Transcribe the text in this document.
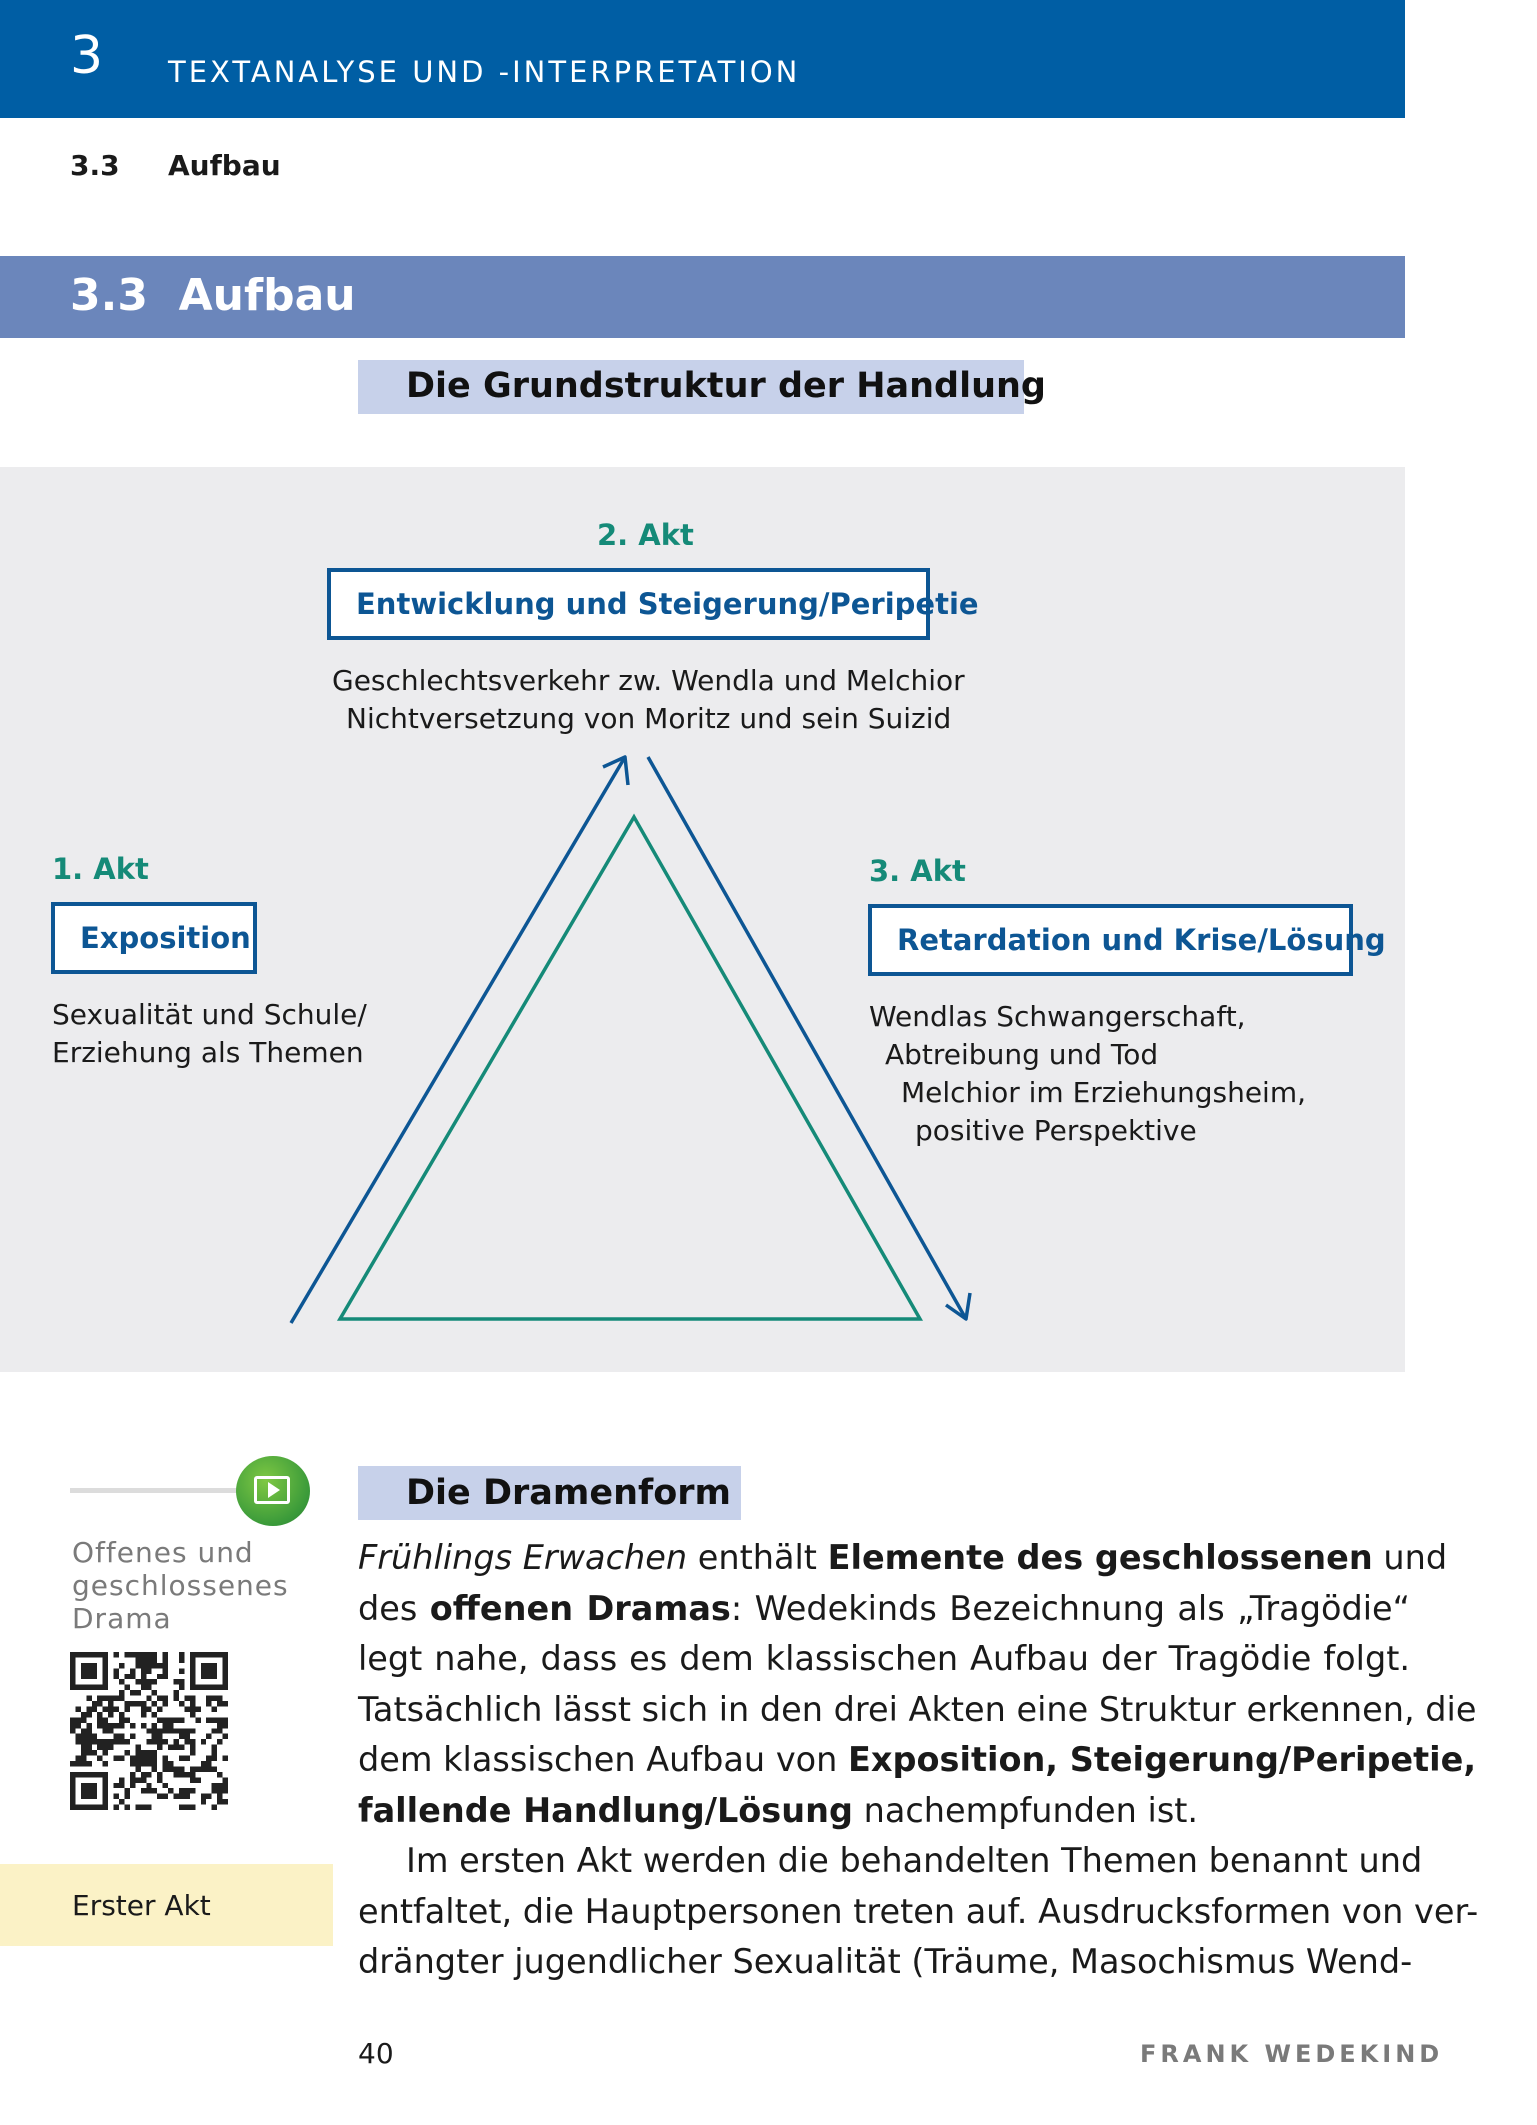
3 TEXTANALYSE UND -INTERPRETATION
3.3 Aufbau
3.3  Aufbau
Die Grundstruktur der Handlung
2. Akt
Entwicklung und Steigerung/Peripetie
Geschlechtsverkehr zw. Wendla und Melchior
Nichtversetzung von Moritz und sein Suizid
1. Akt
Exposition
Sexualität und Schule/
Erziehung als Themen
3. Akt
Retardation und Krise/Lösung
Wendlas Schwangerschaft,
Abtreibung und Tod
Melchior im Erziehungsheim,
positive Perspektive
Offenes und
geschlossenes
Drama
Erster Akt
Die Dramenform
Frühlings Erwachen enthält Elemente des geschlossenen und
des offenen Dramas: Wedekinds Bezeichnung als „Tragödie“
legt nahe, dass es dem klassischen Aufbau der Tragödie folgt.
Tatsächlich lässt sich in den drei Akten eine Struktur erkennen, die
dem klassischen Aufbau von Exposition, Steigerung/Peripetie,
fallende Handlung/Lösung nachempfunden ist.
Im ersten Akt werden die behandelten Themen benannt und
entfaltet, die Hauptpersonen treten auf. Ausdrucksformen von ver-
drängter jugendlicher Sexualität (Träume, Masochismus Wend-
40	FRANK WEDEKIND
